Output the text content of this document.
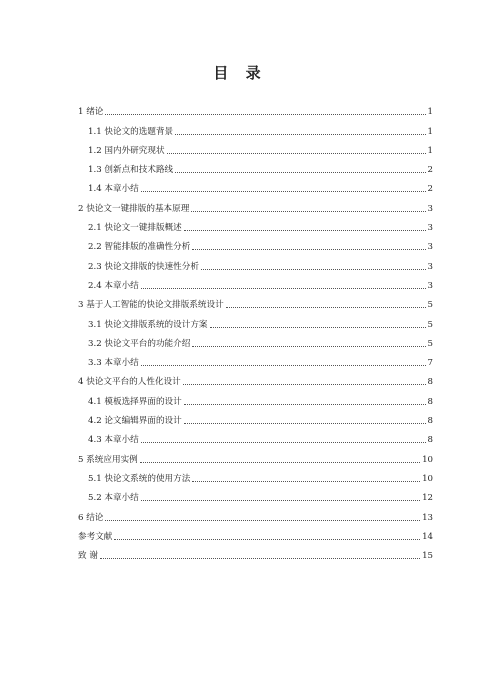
目 录
1 绪论	1
1.1 快论文的选题背景	1
1.2 国内外研究现状	1
1.3 创新点和技术路线	2
1.4 本章小结	2
2 快论文一键排版的基本原理	3
2.1 快论文一键排版概述	3
2.2 智能排版的准确性分析	3
2.3 快论文排版的快速性分析	3
2.4 本章小结	3
3 基于人工智能的快论文排版系统设计	5
3.1 快论文排版系统的设计方案	5
3.2 快论文平台的功能介绍	5
3.3 本章小结	7
4 快论文平台的人性化设计	8
4.1 模板选择界面的设计	8
4.2 论文编辑界面的设计	8
4.3 本章小结	8
5 系统应用实例	10
5.1 快论文系统的使用方法	10
5.2 本章小结	12
6 结论	13
参考文献	14
致 谢	15
